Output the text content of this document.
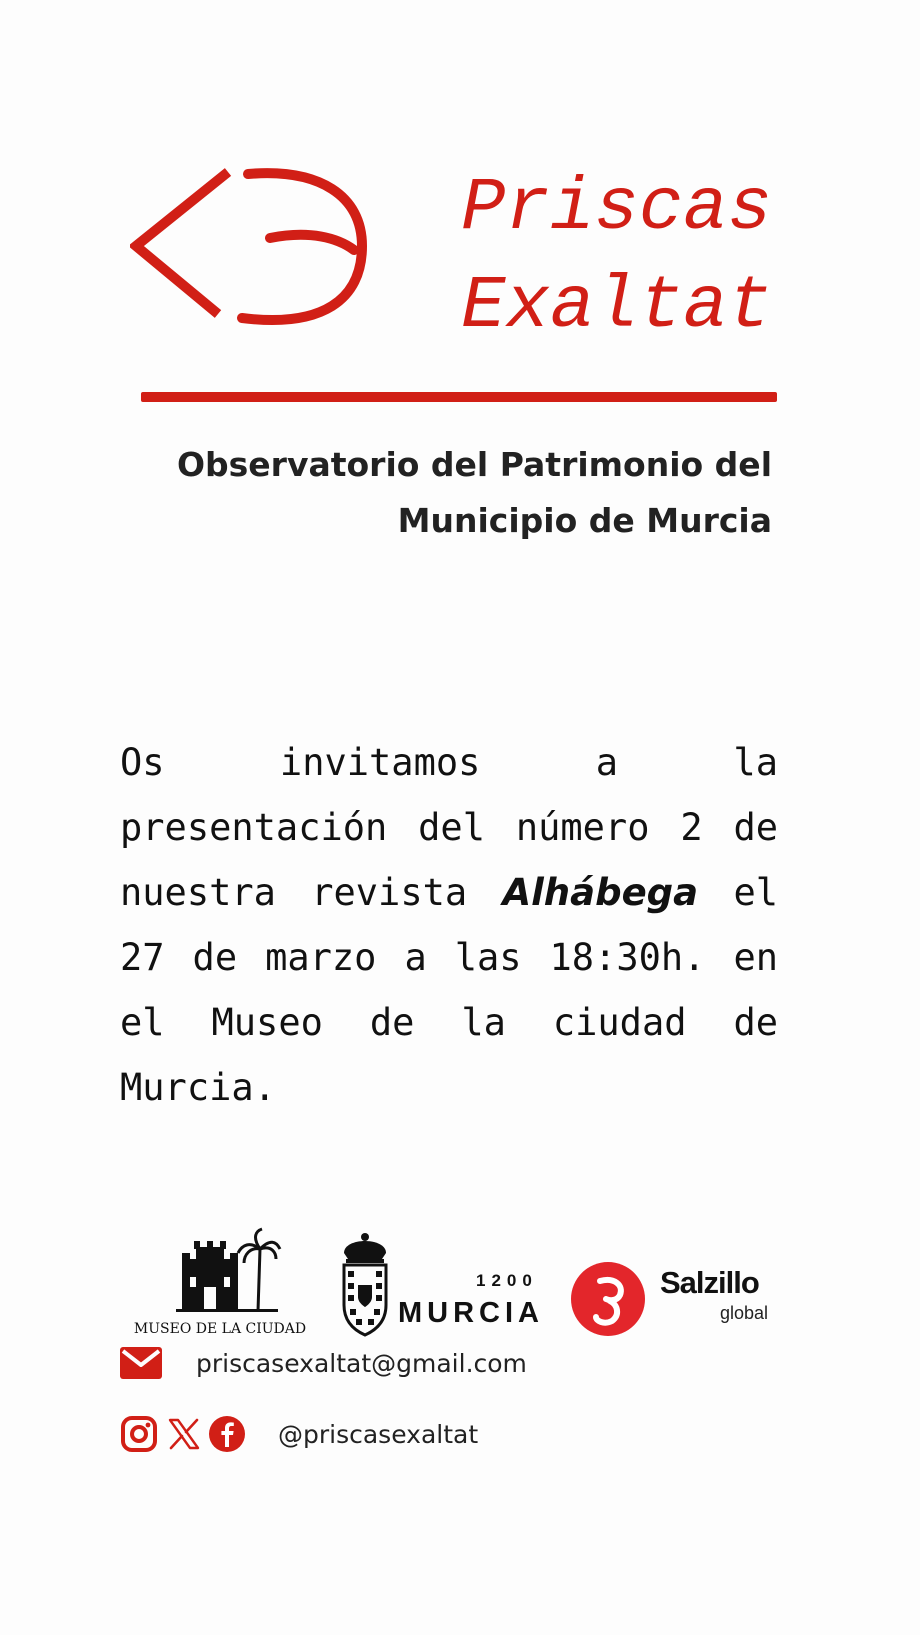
Priscas
Exaltat
Observatorio del Patrimonio del
Municipio de Murcia
Os invitamos a la presentación del número 2 de nuestra revista Alhábega el 27 de marzo a las 18:30h. en el Museo de la ciudad de Murcia.
MUSEO DE LA CIUDAD
1200
MURCIA
Salzillo
global
priscasexaltat@gmail.com
@priscasexaltat
